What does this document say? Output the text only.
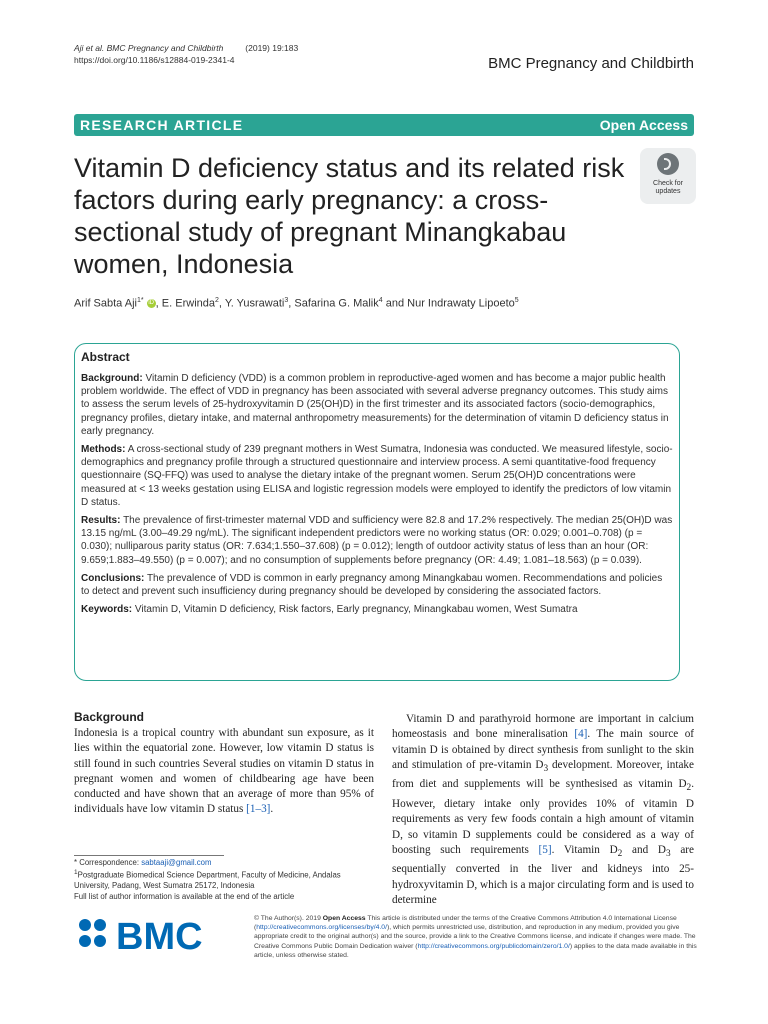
Aji et al. BMC Pregnancy and Childbirth	(2019) 19:183
https://doi.org/10.1186/s12884-019-2341-4	BMC Pregnancy and Childbirth
RESEARCH ARTICLE	Open Access
Vitamin D deficiency status and its related risk factors during early pregnancy: a cross-sectional study of pregnant Minangkabau women, Indonesia
Check for
updates
Arif Sabta Aji$^{1*}$ iD , E. Erwinda$^2$, Y. Yusrawati$^3$, Safarina G. Malik$^4$ and Nur Indrawaty Lipoeto$^5$
Abstract

Background: Vitamin D deficiency (VDD) is a common problem in reproductive-aged women and has become a major public health problem worldwide. The effect of VDD in pregnancy has been associated with several adverse pregnancy outcomes. This study aims to assess the serum levels of 25-hydroxyvitamin D (25(OH)D) in the first trimester and its associated factors (socio-demographics, pregnancy profiles, dietary intake, and maternal anthropometry measurements) for the determination of vitamin D deficiency status in early pregnancy.

Methods: A cross-sectional study of 239 pregnant mothers in West Sumatra, Indonesia was conducted. We measured lifestyle, socio-demographics and pregnancy profile through a structured questionnaire and interview process. A semi quantitative-food frequency questionnaire (SQ-FFQ) was used to analyse the dietary intake of the pregnant women. Serum 25(OH)D concentrations were measured at < 13 weeks gestation using ELISA and logistic regression models were employed to identify the predictors of low vitamin D status.

Results: The prevalence of first-trimester maternal VDD and sufficiency were 82.8 and 17.2% respectively. The median 25(OH)D was 13.15 ng/mL (3.00–49.29 ng/mL). The significant independent predictors were no working status (OR: 0.029; 0.001–0.708) (p = 0.030); nulliparous parity status (OR: 7.634;1.550–37.608) (p = 0.012); length of outdoor activity status of less than an hour (OR: 9.659;1.883–49.550) (p = 0.007); and no consumption of supplements before pregnancy (OR: 4.49; 1.081–18.563) (p = 0.039).

Conclusions: The prevalence of VDD is common in early pregnancy among Minangkabau women. Recommendations and policies to detect and prevent such insufficiency during pregnancy should be developed by considering the associated factors.

Keywords: Vitamin D, Vitamin D deficiency, Risk factors, Early pregnancy, Minangkabau women, West Sumatra

Background

Indonesia is a tropical country with abundant sun exposure, as it lies within the equatorial zone. However, low vitamin D status is still found in such countries Several studies on vitamin D status in pregnant women and women of childbearing age have been conducted and have shown that an average of more than 95% of individuals have low vitamin D status [1–3].

Vitamin D and parathyroid hormone are important in calcium homeostasis and bone mineralisation [4]. The main source of vitamin D is obtained by direct synthesis from sunlight to the skin and stimulation of pre-vitamin $D_3$ development. Moreover, intake from diet and supplements will be synthesised as vitamin $D_2$. However, dietary intake only provides 10% of vitamin D requirements as very few foods contain a high amount of vitamin D, so vitamin D supplements could be considered as a way of boosting such requirements [5]. Vitamin $D_2$ and $D_3$ are sequentially converted in the liver and kidneys into 25-hydroxyvitamin D, which is a major circulating form and is used to determine

* Correspondence: sabtaaji@gmail.com
$^1$Postgraduate Biomedical Science Department, Faculty of Medicine, Andalas University, Padang, West Sumatra 25172, Indonesia
Full list of author information is available at the end of the article
BMC	© The Author(s). 2019 Open Access This article is distributed under the terms of the Creative Commons Attribution 4.0 International License (http://creativecommons.org/licenses/by/4.0/), which permits unrestricted use, distribution, and reproduction in any medium, provided you give appropriate credit to the original author(s) and the source, provide a link to the Creative Commons license, and indicate if changes were made. The Creative Commons Public Domain Dedication waiver (http://creativecommons.org/publicdomain/zero/1.0/) applies to the data made available in this article, unless otherwise stated.
